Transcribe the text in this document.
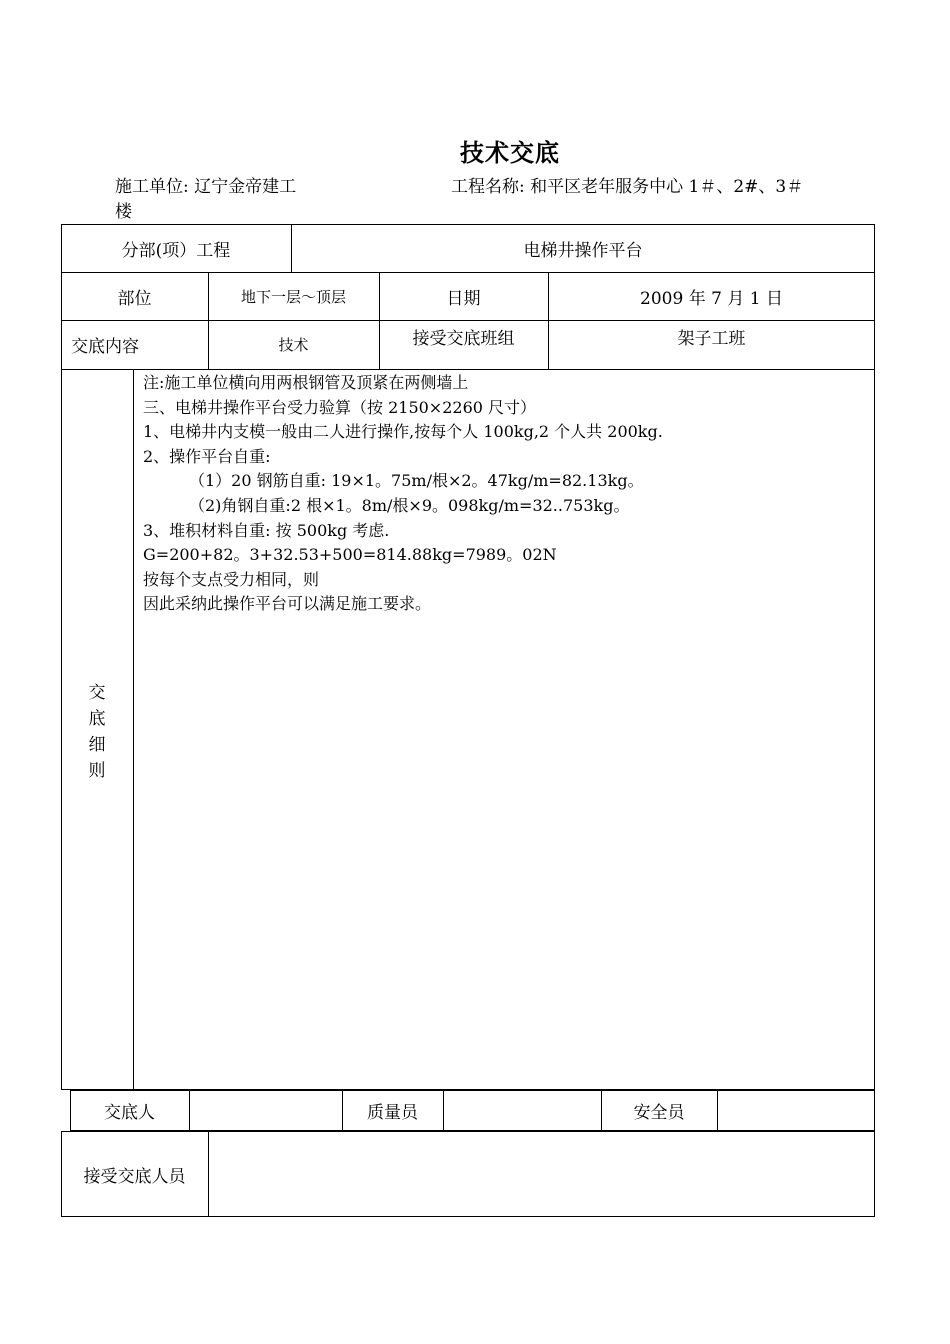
技术交底
施工单位: 辽宁金帝建工
楼
工程名称: 和平区老年服务中心 1＃、2#、3＃
分部(项）工程	电梯井操作平台
部位	地下一层～顶层	日期	2009 年 7 月 1 日
交底内容	技术	接受交底班组	架子工班
交
底
细
则
注:施工单位横向用两根钢管及顶紧在两侧墙上
三、电梯井操作平台受力验算（按 2150×2260 尺寸）
1、电梯井内支模一般由二人进行操作,按每个人 100kg,2 个人共 200kg.
2、操作平台自重:
（1）20 钢筋自重: 19×1。75m/根×2。47kg/m=82.13kg。
（2)角钢自重:2 根×1。8m/根×9。098kg/m=32..753kg。
3、堆积材料自重: 按 500kg 考虑.
G=200+82。3+32.53+500=814.88kg=7989。02N
按每个支点受力相同，则
因此采纳此操作平台可以满足施工要求。
交底人	质量员	安全员
接受交底人员
